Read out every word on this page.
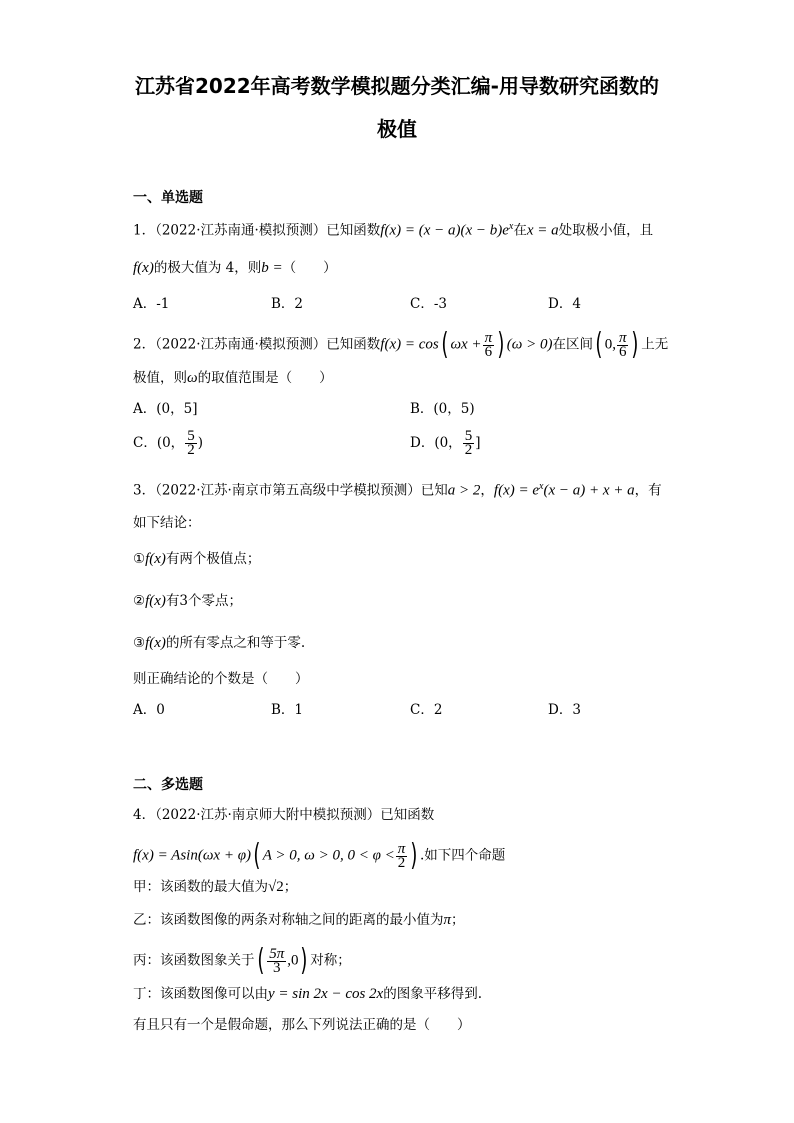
江苏省2022年高考数学模拟题分类汇编-用导数研究函数的
极值
一、单选题
1．（2022·江苏南通·模拟预测）已知函数$f(x) = (x - a)(x - b)e^x$在x = a处取极小值，且
f(x)的极大值为 4，则b =（　　）
A．-1	B．2	C．-3	D．4
2．（2022·江苏南通·模拟预测）已知函数f(x) = cos( $\omega x + \frac{\pi}{6}$ ) (ω > 0)在区间( 0, $\frac{\pi}{6}$ ) 上无
极值，则ω的取值范围是（　　）
A．(0，5]	B．(0，5)
C．(0， $\frac{5}{2}$ )	D．(0， $\frac{5}{2}$ ]
3．（2022·江苏·南京市第五高级中学模拟预测）已知a > 2，$f(x) = e^x(x - a) + x + a$，有
如下结论：
①f(x)有两个极值点；
②f(x)有3个零点；
③f(x)的所有零点之和等于零.
则正确结论的个数是（　　）
A．0	B．1	C．2	D．3
二、多选题
4．（2022·江苏·南京师大附中模拟预测）已知函数
f(x) = Asin(ωx + φ)( A > 0, ω > 0, $0 < \varphi < \frac{\pi}{2}$ ) .如下四个命题
甲：该函数的最大值为√2；
乙：该函数图像的两条对称轴之间的距离的最小值为π；
丙：该函数图象关于( $\frac{5\pi}{3} ,0$) 对称；
丁：该函数图像可以由y = sin 2x − cos 2x的图象平移得到.
有且只有一个是假命题，那么下列说法正确的是（　　）
